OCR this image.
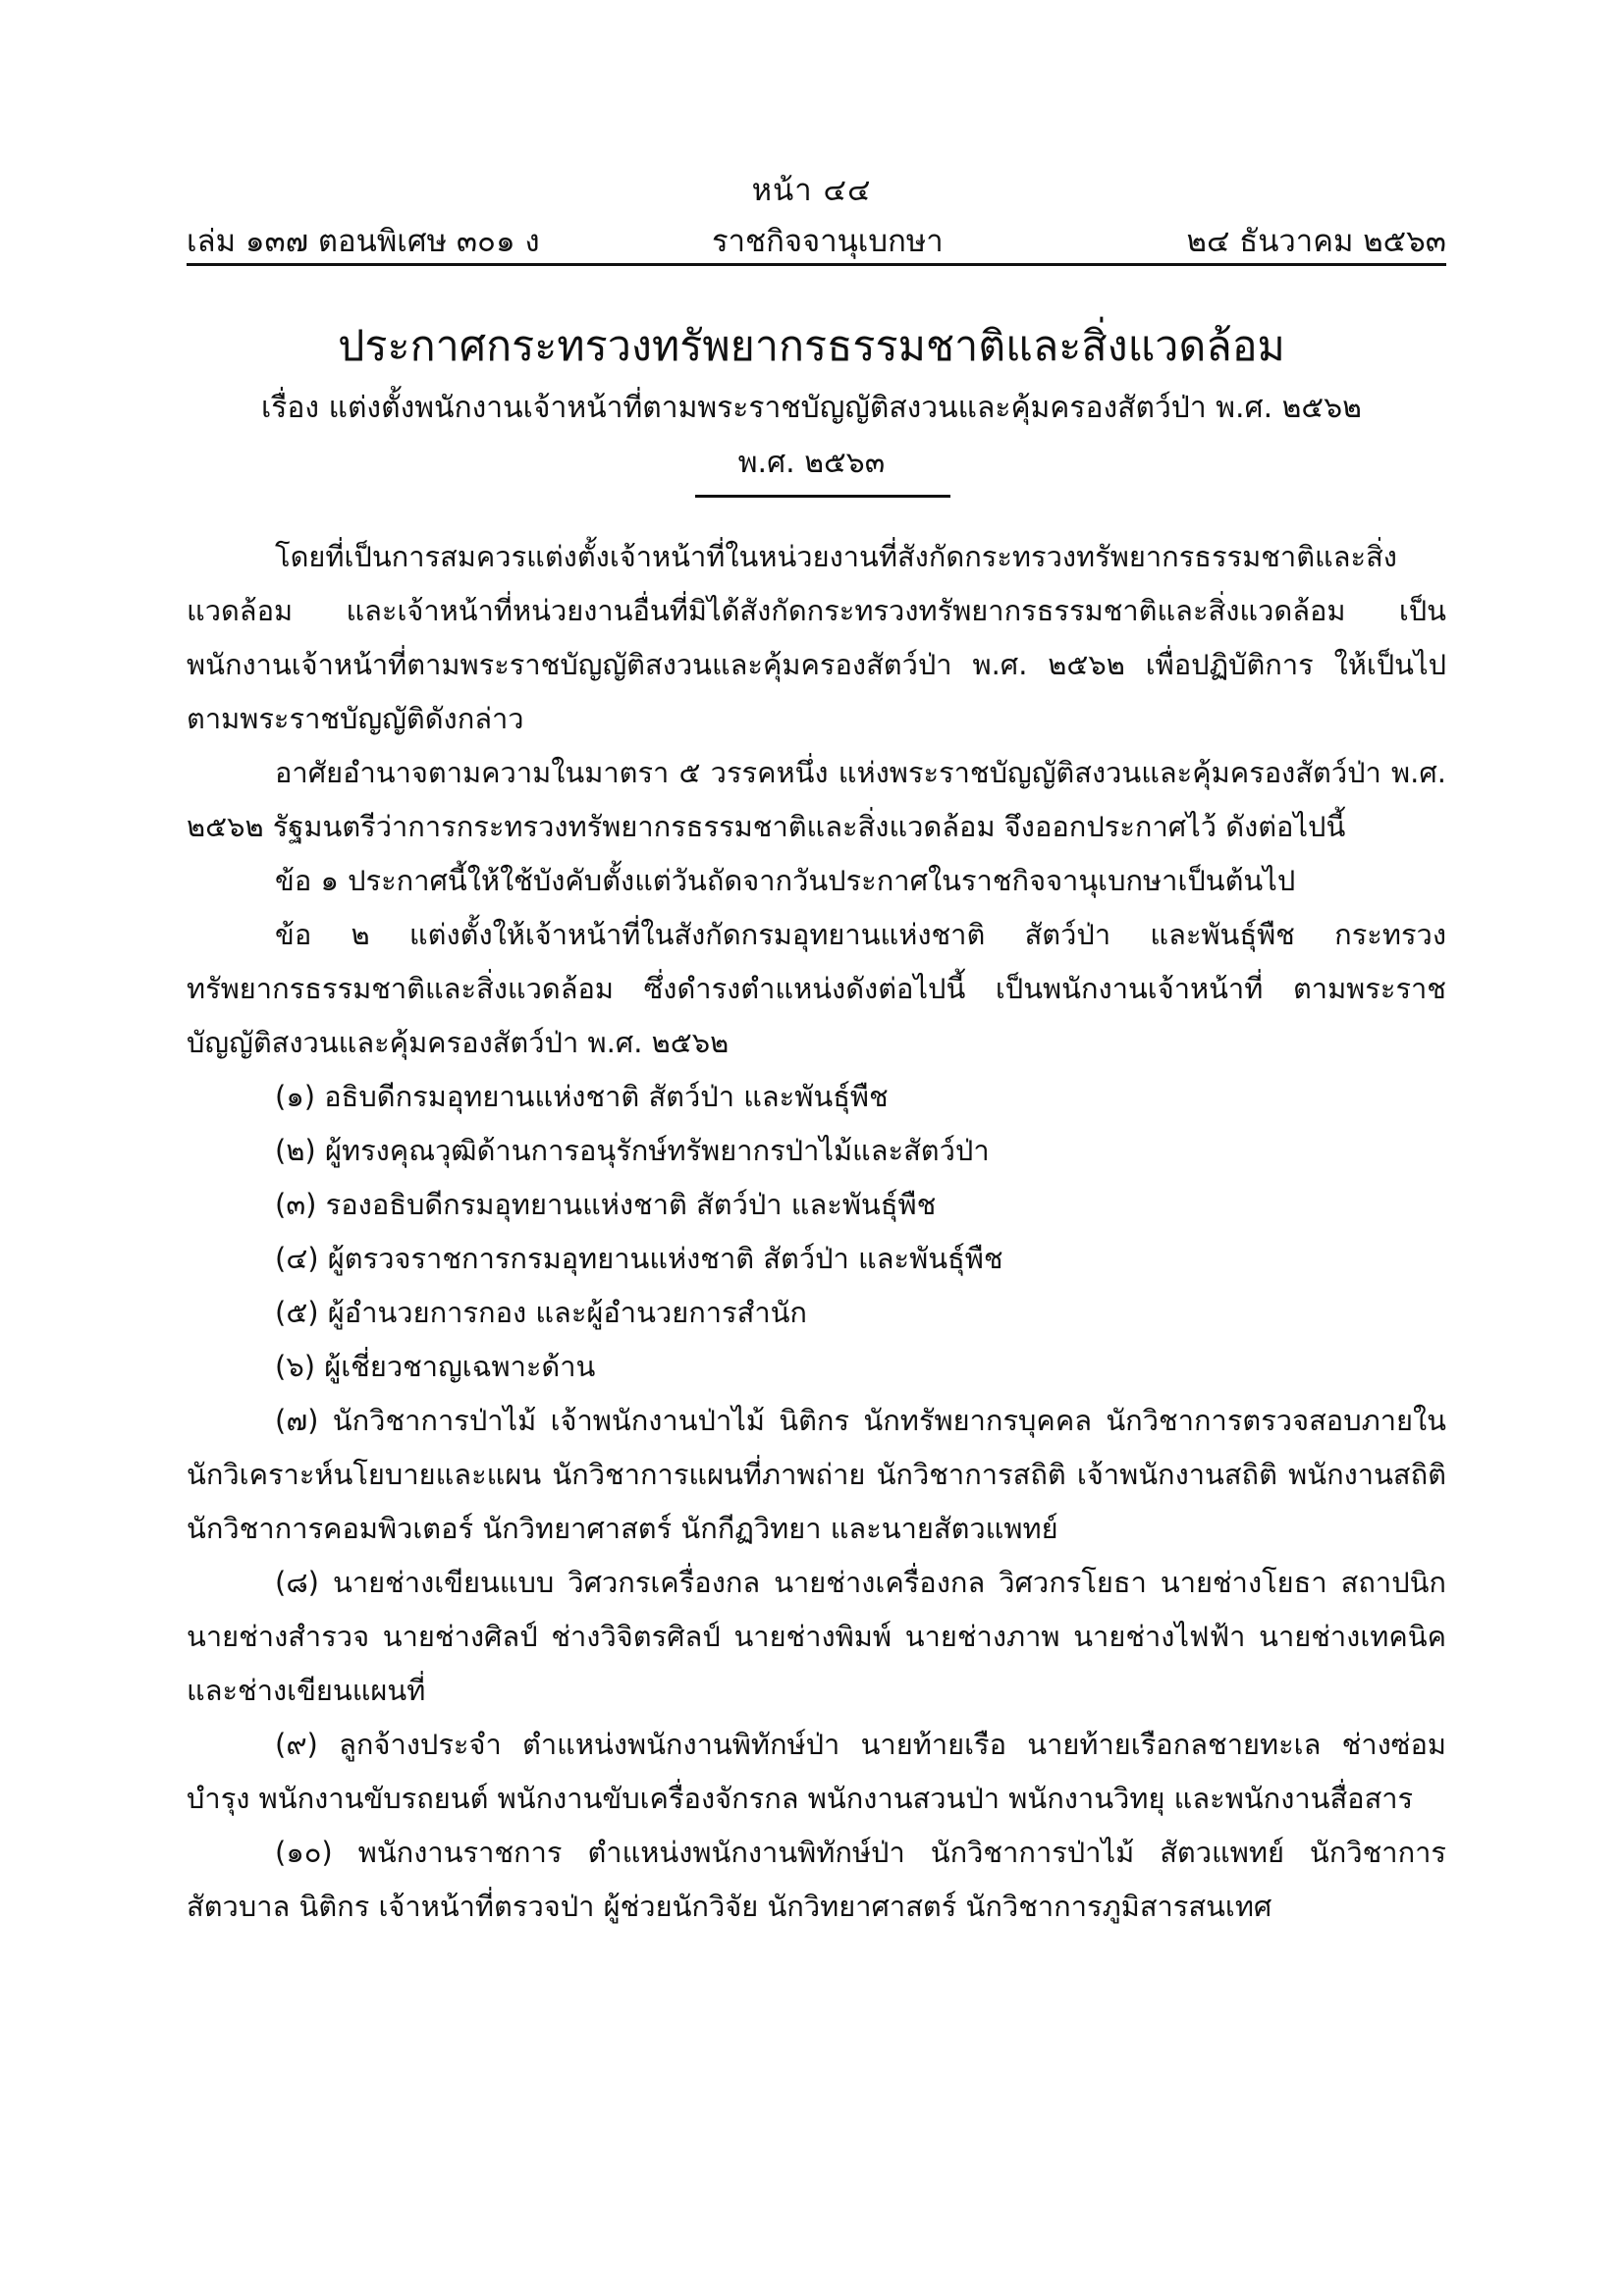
หน้า ๔๔
เล่ม ๑๓๗ ตอนพิเศษ ๓๐๑ ง	ราชกิจจานุเบกษา	๒๔ ธันวาคม ๒๕๖๓
ประกาศกระทรวงทรัพยากรธรรมชาติและสิ่งแวดล้อม
เรื่อง แต่งตั้งพนักงานเจ้าหน้าที่ตามพระราชบัญญัติสงวนและคุ้มครองสัตว์ป่า พ.ศ. ๒๕๖๒
พ.ศ. ๒๕๖๓

โดยที่เป็นการสมควรแต่งตั้งเจ้าหน้าที่ในหน่วยงานที่สังกัดกระทรวงทรัพยากรธรรมชาติและสิ่งแวดล้อม และเจ้าหน้าที่หน่วยงานอื่นที่มิได้สังกัดกระทรวงทรัพยากรธรรมชาติและสิ่งแวดล้อม เป็นพนักงานเจ้าหน้าที่ตามพระราชบัญญัติสงวนและคุ้มครองสัตว์ป่า พ.ศ. ๒๕๖๒ เพื่อปฏิบัติการ ให้เป็นไปตามพระราชบัญญัติดังกล่าว

อาศัยอำนาจตามความในมาตรา ๕ วรรคหนึ่ง แห่งพระราชบัญญัติสงวนและคุ้มครองสัตว์ป่า พ.ศ. ๒๕๖๒ รัฐมนตรีว่าการกระทรวงทรัพยากรธรรมชาติและสิ่งแวดล้อม จึงออกประกาศไว้ ดังต่อไปนี้

ข้อ ๑ ประกาศนี้ให้ใช้บังคับตั้งแต่วันถัดจากวันประกาศในราชกิจจานุเบกษาเป็นต้นไป

ข้อ ๒ แต่งตั้งให้เจ้าหน้าที่ในสังกัดกรมอุทยานแห่งชาติ สัตว์ป่า และพันธุ์พืช กระทรวงทรัพยากรธรรมชาติและสิ่งแวดล้อม ซึ่งดำรงตำแหน่งดังต่อไปนี้ เป็นพนักงานเจ้าหน้าที่ ตามพระราชบัญญัติสงวนและคุ้มครองสัตว์ป่า พ.ศ. ๒๕๖๒

(๑) อธิบดีกรมอุทยานแห่งชาติ สัตว์ป่า และพันธุ์พืช

(๒) ผู้ทรงคุณวุฒิด้านการอนุรักษ์ทรัพยากรป่าไม้และสัตว์ป่า

(๓) รองอธิบดีกรมอุทยานแห่งชาติ สัตว์ป่า และพันธุ์พืช

(๔) ผู้ตรวจราชการกรมอุทยานแห่งชาติ สัตว์ป่า และพันธุ์พืช

(๕) ผู้อำนวยการกอง และผู้อำนวยการสำนัก

(๖) ผู้เชี่ยวชาญเฉพาะด้าน

(๗) นักวิชาการป่าไม้ เจ้าพนักงานป่าไม้ นิติกร นักทรัพยากรบุคคล นักวิชาการตรวจสอบภายใน นักวิเคราะห์นโยบายและแผน นักวิชาการแผนที่ภาพถ่าย นักวิชาการสถิติ เจ้าพนักงานสถิติ พนักงานสถิติ นักวิชาการคอมพิวเตอร์ นักวิทยาศาสตร์ นักกีฏวิทยา และนายสัตวแพทย์

(๘) นายช่างเขียนแบบ วิศวกรเครื่องกล นายช่างเครื่องกล วิศวกรโยธา นายช่างโยธา สถาปนิก นายช่างสำรวจ นายช่างศิลป์ ช่างวิจิตรศิลป์ นายช่างพิมพ์ นายช่างภาพ นายช่างไฟฟ้า นายช่างเทคนิค และช่างเขียนแผนที่

(๙) ลูกจ้างประจำ ตำแหน่งพนักงานพิทักษ์ป่า นายท้ายเรือ นายท้ายเรือกลชายทะเล ช่างซ่อมบำรุง พนักงานขับรถยนต์ พนักงานขับเครื่องจักรกล พนักงานสวนป่า พนักงานวิทยุ และพนักงานสื่อสาร

(๑๐) พนักงานราชการ ตำแหน่งพนักงานพิทักษ์ป่า นักวิชาการป่าไม้ สัตวแพทย์ นักวิชาการ สัตวบาล นิติกร เจ้าหน้าที่ตรวจป่า ผู้ช่วยนักวิจัย นักวิทยาศาสตร์ นักวิชาการภูมิสารสนเทศ
